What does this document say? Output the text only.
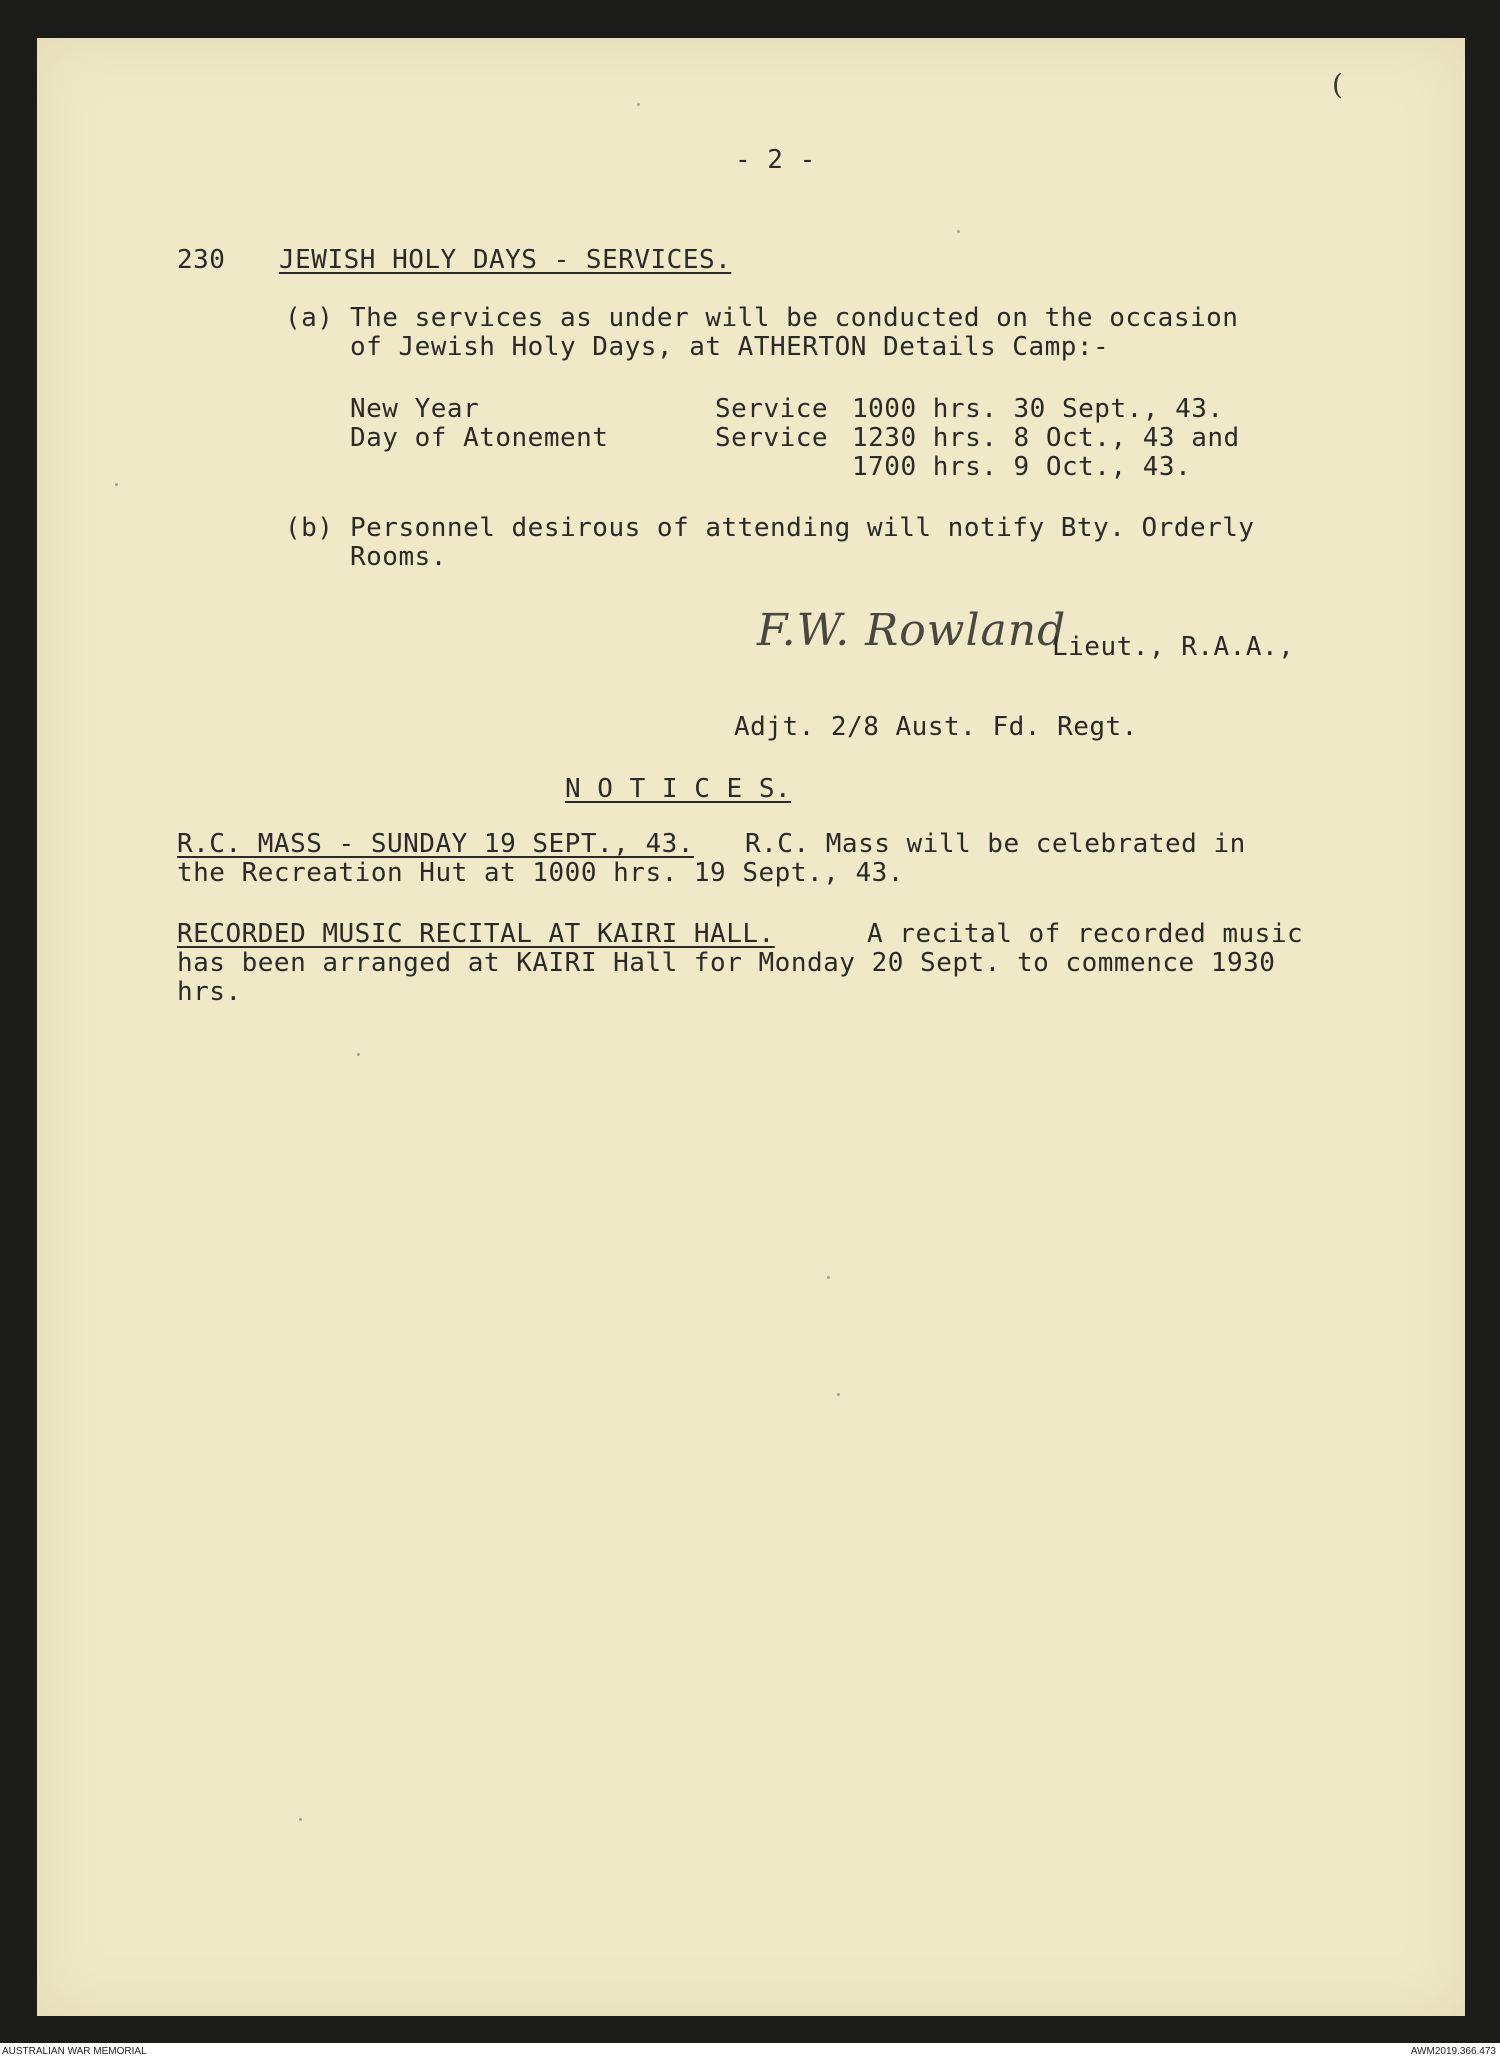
(
- 2 -
230 JEWISH HOLY DAYS - SERVICES.
(a) The services as under will be conducted on the occasion
of Jewish Holy Days, at ATHERTON Details Camp:-
New Year	Service 1000 hrs. 30 Sept., 43.
Day of Atonement	Service 1230 hrs. 8 Oct., 43 and
1700 hrs. 9 Oct., 43.
(b) Personnel desirous of attending will notify Bty. Orderly
Rooms.
F.W. Rowland
Lieut., R.A.A.,
Adjt. 2/8 Aust. Fd. Regt.
N O T I C E S.
R.C. MASS - SUNDAY 19 SEPT., 43. R.C. Mass will be celebrated in
the Recreation Hut at 1000 hrs. 19 Sept., 43.
RECORDED MUSIC RECITAL AT KAIRI HALL.	A recital of recorded music
has been arranged at KAIRI Hall for Monday 20 Sept. to commence 1930
hrs.
AUSTRALIAN WAR MEMORIAL	AWM2019.366.473
